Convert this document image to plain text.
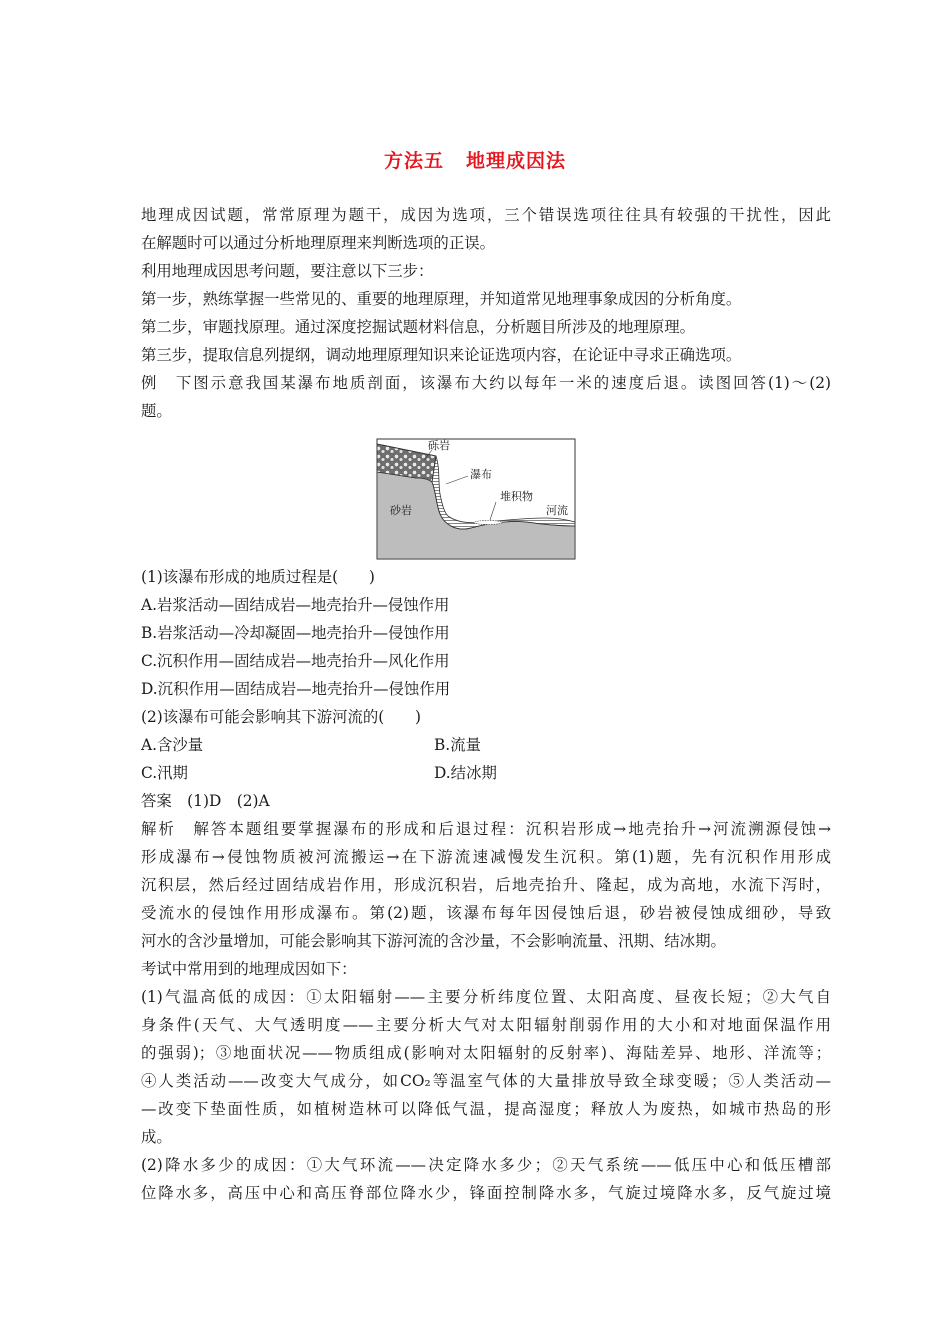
方法五 地理成因法
地理成因试题，常常原理为题干，成因为选项，三个错误选项往往具有较强的干扰性，因此
在解题时可以通过分析地理原理来判断选项的正误。
利用地理成因思考问题，要注意以下三步：
第一步，熟练掌握一些常见的、重要的地理原理，并知道常见地理事象成因的分析角度。
第二步，审题找原理。通过深度挖掘试题材料信息，分析题目所涉及的地理原理。
第三步，提取信息列提纲，调动地理原理知识来论证选项内容，在论证中寻求正确选项。
例　下图示意我国某瀑布地质剖面，该瀑布大约以每年一米的速度后退。读图回答(1)～(2)
题。
砾岩
瀑布
堆积物
河流
砂岩
(1)该瀑布形成的地质过程是(　　)
A.岩浆活动—固结成岩—地壳抬升—侵蚀作用
B.岩浆活动—冷却凝固—地壳抬升—侵蚀作用
C.沉积作用—固结成岩—地壳抬升—风化作用
D.沉积作用—固结成岩—地壳抬升—侵蚀作用
(2)该瀑布可能会影响其下游河流的(　　)
A.含沙量	B.流量
C.汛期	D.结冰期
答案　(1)D　(2)A
解析　解答本题组要掌握瀑布的形成和后退过程：沉积岩形成→地壳抬升→河流溯源侵蚀→
形成瀑布→侵蚀物质被河流搬运→在下游流速减慢发生沉积。第(1)题，先有沉积作用形成
沉积层，然后经过固结成岩作用，形成沉积岩，后地壳抬升、隆起，成为高地，水流下泻时，
受流水的侵蚀作用形成瀑布。第(2)题，该瀑布每年因侵蚀后退，砂岩被侵蚀成细砂，导致
河水的含沙量增加，可能会影响其下游河流的含沙量，不会影响流量、汛期、结冰期。
考试中常用到的地理成因如下：
(1)气温高低的成因：①太阳辐射——主要分析纬度位置、太阳高度、昼夜长短；②大气自
身条件(天气、大气透明度——主要分析大气对太阳辐射削弱作用的大小和对地面保温作用
的强弱)；③地面状况——物质组成(影响对太阳辐射的反射率)、海陆差异、地形、洋流等；
④人类活动——改变大气成分，如CO₂等温室气体的大量排放导致全球变暖；⑤人类活动—
—改变下垫面性质，如植树造林可以降低气温，提高湿度；释放人为废热，如城市热岛的形
成。
(2)降水多少的成因：①大气环流——决定降水多少；②天气系统——低压中心和低压槽部
位降水多，高压中心和高压脊部位降水少，锋面控制降水多，气旋过境降水多，反气旋过境
